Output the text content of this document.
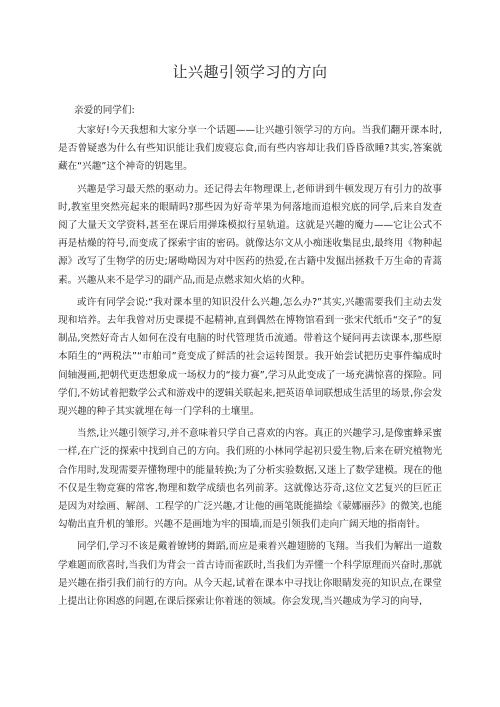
让兴趣引领学习的方向
亲爱的同学们:

大家好!今天我想和大家分享一个话题——让兴趣引领学习的方向。当我们翻开课本时,是否曾疑惑为什么有些知识能让我们废寝忘食,而有些内容却让我们昏昏欲睡?其实,答案就藏在“兴趣”这个神奇的钥匙里。

兴趣是学习最天然的驱动力。还记得去年物理课上,老师讲到牛顿发现万有引力的故事时,教室里突然亮起来的眼睛吗?那些因为好奇苹果为何落地而追根究底的同学,后来自发查阅了大量天文学资料,甚至在课后用弹珠模拟行星轨道。这就是兴趣的魔力——它让公式不再是枯燥的符号,而变成了探索宇宙的密码。就像达尔文从小痴迷收集昆虫,最终用《物种起源》改写了生物学的历史;屠呦呦因为对中医药的热爱,在古籍中发掘出拯救千万生命的青蒿素。兴趣从来不是学习的副产品,而是点燃求知火焰的火种。

或许有同学会说:“我对课本里的知识没什么兴趣,怎么办?”其实,兴趣需要我们主动去发现和培养。去年我曾对历史课提不起精神,直到偶然在博物馆看到一张宋代纸币“交子”的复制品,突然好奇古人如何在没有电脑的时代管理货币流通。带着这个疑问再去读课本,那些原本陌生的“两税法”“市舶司”竟变成了鲜活的社会运转图景。我开始尝试把历史事件编成时间轴漫画,把朝代更迭想象成一场权力的“接力赛”,学习从此变成了一场充满惊喜的探险。同学们,不妨试着把数学公式和游戏中的逻辑关联起来,把英语单词联想成生活里的场景,你会发现兴趣的种子其实就埋在每一门学科的土壤里。

当然,让兴趣引领学习,并不意味着只学自己喜欢的内容。真正的兴趣学习,是像蜜蜂采蜜一样,在广泛的探索中找到自己的方向。我们班的小林同学起初只爱生物,后来在研究植物光合作用时,发现需要弄懂物理中的能量转换;为了分析实验数据,又迷上了数学建模。现在的他不仅是生物竞赛的常客,物理和数学成绩也名列前茅。这就像达芬奇,这位文艺复兴的巨匠正是因为对绘画、解剖、工程学的广泛兴趣,才让他的画笔既能描绘《蒙娜丽莎》的微笑,也能勾勒出直升机的雏形。兴趣不是画地为牢的围墙,而是引领我们走向广阔天地的指南针。

同学们,学习不该是戴着镣铐的舞蹈,而应是乘着兴趣翅膀的飞翔。当我们为解出一道数学难题而欣喜时,当我们为背会一首古诗而雀跃时,当我们为弄懂一个科学原理而兴奋时,那就是兴趣在指引我们前行的方向。从今天起,试着在课本中寻找让你眼睛发亮的知识点,在课堂上提出让你困惑的问题,在课后探索让你着迷的领域。你会发现,当兴趣成为学习的向导,
